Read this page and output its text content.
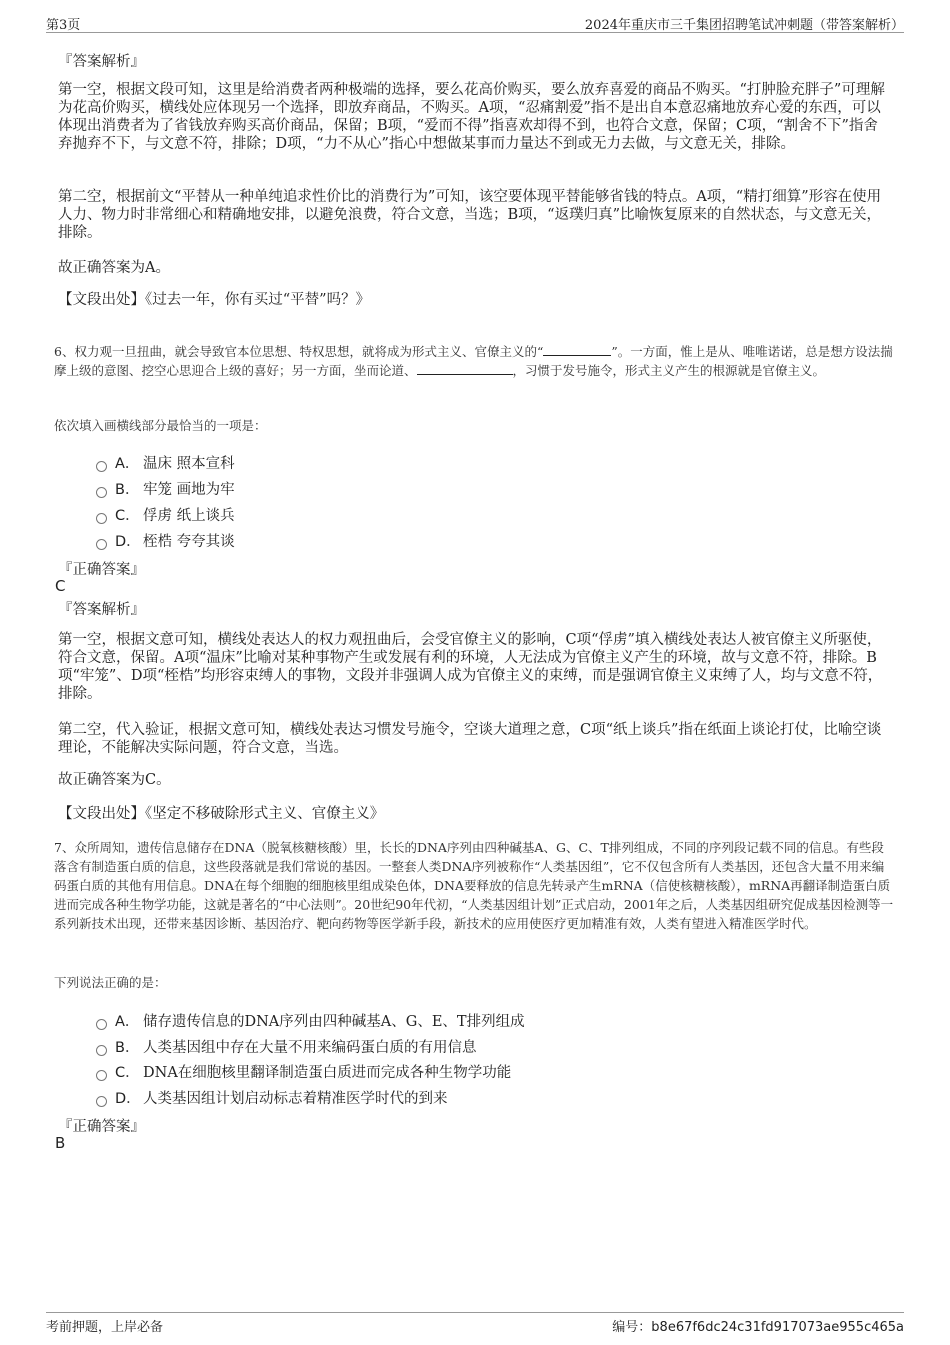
第3页	2024年重庆市三千集团招聘笔试冲刺题（带答案解析）
『答案解析』
第一空，根据文段可知，这里是给消费者两种极端的选择，要么花高价购买，要么放弃喜爱的商品不购买。“打肿脸充胖子”可理解为花高价购买，横线处应体现另一个选择，即放弃商品，不购买。A项，“忍痛割爱”指不是出自本意忍痛地放弃心爱的东西，可以体现出消费者为了省钱放弃购买高价商品，保留；B项，“爱而不得”指喜欢却得不到，也符合文意，保留；C项，“割舍不下”指舍弃抛弃不下，与文意不符，排除；D项，“力不从心”指心中想做某事而力量达不到或无力去做，与文意无关，排除。
第二空，根据前文“平替从一种单纯追求性价比的消费行为”可知，该空要体现平替能够省钱的特点。A项，“精打细算”形容在使用人力、物力时非常细心和精确地安排，以避免浪费，符合文意，当选；B项，“返璞归真”比喻恢复原来的自然状态，与文意无关，排除。
故正确答案为A。
【文段出处】《过去一年，你有买过“平替”吗？》
6、权力观一旦扭曲，就会导致官本位思想、特权思想，就将成为形式主义、官僚主义的“	”。一方面，惟上是从、唯唯诺诺，总是想方设法揣摩上级的意图、挖空心思迎合上级的喜好；另一方面，坐而论道、	，习惯于发号施令，形式主义产生的根源就是官僚主义。
依次填入画横线部分最恰当的一项是：
A． 温床 照本宣科
B． 牢笼 画地为牢
C． 俘虏 纸上谈兵
D． 桎梏 夸夸其谈
『正确答案』
C
『答案解析』
第一空，根据文意可知，横线处表达人的权力观扭曲后，会受官僚主义的影响，C项“俘虏”填入横线处表达人被官僚主义所驱使，符合文意，保留。A项“温床”比喻对某种事物产生或发展有利的环境，人无法成为官僚主义产生的环境，故与文意不符，排除。B项“牢笼”、D项“桎梏”均形容束缚人的事物，文段并非强调人成为官僚主义的束缚，而是强调官僚主义束缚了人，均与文意不符，排除。
第二空，代入验证，根据文意可知，横线处表达习惯发号施令，空谈大道理之意，C项“纸上谈兵”指在纸面上谈论打仗，比喻空谈理论，不能解决实际问题，符合文意，当选。
故正确答案为C。
【文段出处】《坚定不移破除形式主义、官僚主义》
7、众所周知，遗传信息储存在DNA（脱氧核糖核酸）里，长长的DNA序列由四种碱基A、G、C、T排列组成，不同的序列段记载不同的信息。有些段落含有制造蛋白质的信息，这些段落就是我们常说的基因。一整套人类DNA序列被称作“人类基因组”，它不仅包含所有人类基因，还包含大量不用来编码蛋白质的其他有用信息。DNA在每个细胞的细胞核里组成染色体，DNA要释放的信息先转录产生mRNA（信使核糖核酸），mRNA再翻译制造蛋白质进而完成各种生物学功能，这就是著名的“中心法则”。20世纪90年代初，“人类基因组计划”正式启动，2001年之后，人类基因组研究促成基因检测等一系列新技术出现，还带来基因诊断、基因治疗、靶向药物等医学新手段，新技术的应用使医疗更加精准有效，人类有望进入精准医学时代。
下列说法正确的是：
A． 储存遗传信息的DNA序列由四种碱基A、G、E、T排列组成
B． 人类基因组中存在大量不用来编码蛋白质的有用信息
C． DNA在细胞核里翻译制造蛋白质进而完成各种生物学功能
D． 人类基因组计划启动标志着精准医学时代的到来
『正确答案』
B
考前押题，上岸必备	编号：b8e67f6dc24c31fd917073ae955c465a
